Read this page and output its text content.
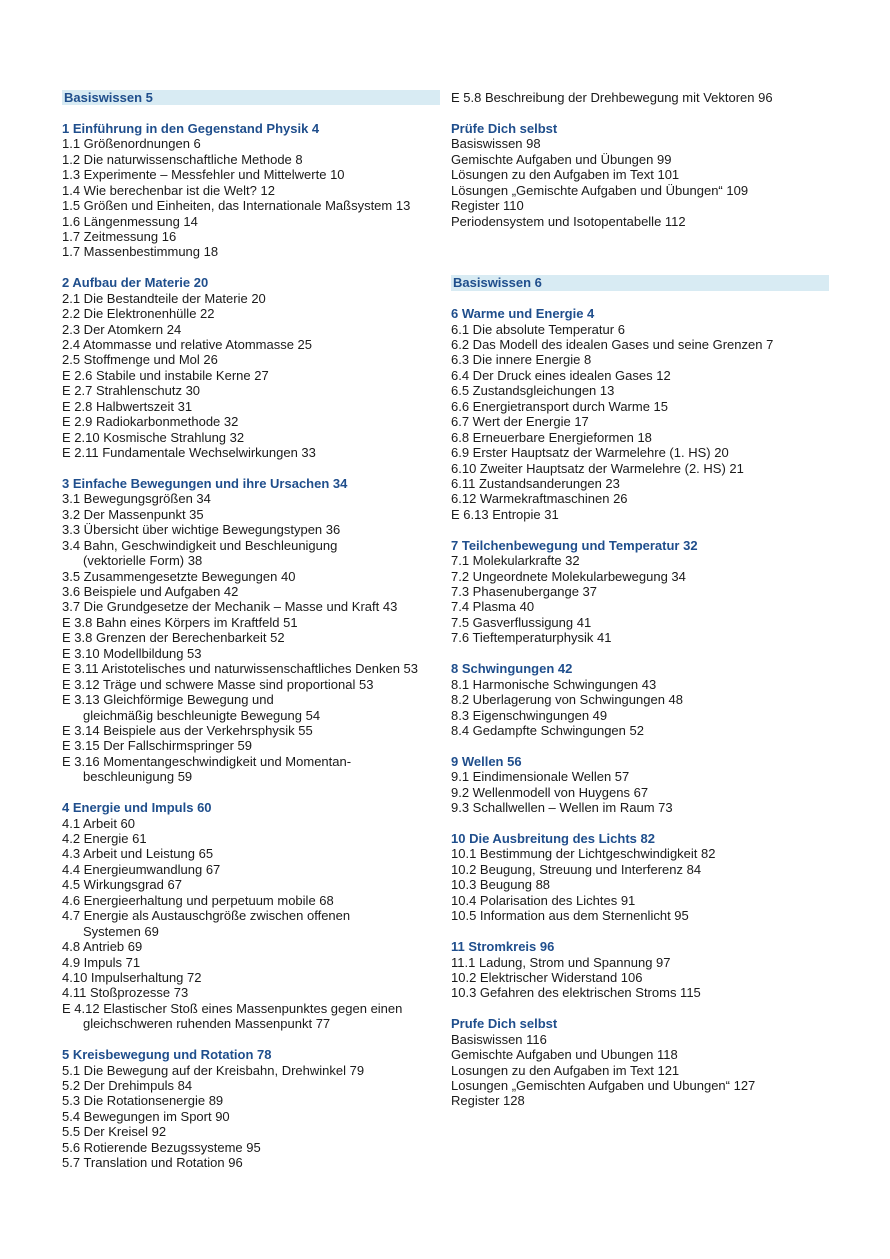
Basiswissen 5
1 Einführung in den Gegenstand Physik 4
1.1 Größenordnungen 6
1.2 Die naturwissenschaftliche Methode 8
1.3 Experimente – Messfehler und Mittelwerte 10
1.4 Wie berechenbar ist die Welt? 12
1.5 Größen und Einheiten, das Internationale Maßsystem 13
1.6 Längenmessung 14
1.7 Zeitmessung 16
1.7 Massenbestimmung 18
2 Aufbau der Materie 20
2.1 Die Bestandteile der Materie 20
2.2 Die Elektronenhülle 22
2.3 Der Atomkern 24
2.4 Atommasse und relative Atommasse 25
2.5 Stoffmenge und Mol 26
E 2.6 Stabile und instabile Kerne 27
E 2.7 Strahlenschutz 30
E 2.8 Halbwertszeit 31
E 2.9 Radiokarbonmethode 32
E 2.10 Kosmische Strahlung 32
E 2.11 Fundamentale Wechselwirkungen 33
3 Einfache Bewegungen und ihre Ursachen 34
3.1 Bewegungsgrößen 34
3.2 Der Massenpunkt 35
3.3 Übersicht über wichtige Bewegungstypen 36
3.4 Bahn, Geschwindigkeit und Beschleunigung
(vektorielle Form) 38
3.5 Zusammengesetzte Bewegungen 40
3.6 Beispiele und Aufgaben 42
3.7 Die Grundgesetze der Mechanik – Masse und Kraft 43
E 3.8 Bahn eines Körpers im Kraftfeld 51
E 3.8 Grenzen der Berechenbarkeit 52
E 3.10 Modellbildung 53
E 3.11 Aristotelisches und naturwissenschaftliches Denken 53
E 3.12 Träge und schwere Masse sind proportional 53
E 3.13 Gleichförmige Bewegung und
gleichmäßig beschleunigte Bewegung 54
E 3.14 Beispiele aus der Verkehrsphysik 55
E 3.15 Der Fallschirmspringer 59
E 3.16 Momentangeschwindigkeit und Momentan-
beschleunigung 59
4 Energie und Impuls 60
4.1 Arbeit 60
4.2 Energie 61
4.3 Arbeit und Leistung 65
4.4 Energieumwandlung 67
4.5 Wirkungsgrad 67
4.6 Energieerhaltung und perpetuum mobile 68
4.7 Energie als Austauschgröße zwischen offenen
Systemen 69
4.8 Antrieb 69
4.9 Impuls 71
4.10 Impulserhaltung 72
4.11 Stoßprozesse 73
E 4.12 Elastischer Stoß eines Massenpunktes gegen einen
gleichschweren ruhenden Massenpunkt 77
5 Kreisbewegung und Rotation 78
5.1 Die Bewegung auf der Kreisbahn, Drehwinkel 79
5.2 Der Drehimpuls 84
5.3 Die Rotationsenergie 89
5.4 Bewegungen im Sport 90
5.5 Der Kreisel 92
5.6 Rotierende Bezugssysteme 95
5.7 Translation und Rotation 96
E 5.8 Beschreibung der Drehbewegung mit Vektoren 96
Prüfe Dich selbst
Basiswissen 98
Gemischte Aufgaben und Übungen 99
Lösungen zu den Aufgaben im Text 101
Lösungen „Gemischte Aufgaben und Übungen“ 109
Register 110
Periodensystem und Isotopentabelle 112
Basiswissen 6
6 Warme und Energie 4
6.1 Die absolute Temperatur 6
6.2 Das Modell des idealen Gases und seine Grenzen 7
6.3 Die innere Energie 8
6.4 Der Druck eines idealen Gases 12
6.5 Zustandsgleichungen 13
6.6 Energietransport durch Warme 15
6.7 Wert der Energie 17
6.8 Erneuerbare Energieformen 18
6.9 Erster Hauptsatz der Warmelehre (1. HS) 20
6.10 Zweiter Hauptsatz der Warmelehre (2. HS) 21
6.11 Zustandsanderungen 23
6.12 Warmekraftmaschinen 26
E 6.13 Entropie 31
7 Teilchenbewegung und Temperatur 32
7.1 Molekularkrafte 32
7.2 Ungeordnete Molekularbewegung 34
7.3 Phasenubergange 37
7.4 Plasma 40
7.5 Gasverflussigung 41
7.6 Tieftemperaturphysik 41
8 Schwingungen 42
8.1 Harmonische Schwingungen 43
8.2 Uberlagerung von Schwingungen 48
8.3 Eigenschwingungen 49
8.4 Gedampfte Schwingungen 52
9 Wellen 56
9.1 Eindimensionale Wellen 57
9.2 Wellenmodell von Huygens 67
9.3 Schallwellen – Wellen im Raum 73
10 Die Ausbreitung des Lichts 82
10.1 Bestimmung der Lichtgeschwindigkeit 82
10.2 Beugung, Streuung und Interferenz 84
10.3 Beugung 88
10.4 Polarisation des Lichtes 91
10.5 Information aus dem Sternenlicht 95
11 Stromkreis 96
11.1 Ladung, Strom und Spannung 97
10.2 Elektrischer Widerstand 106
10.3 Gefahren des elektrischen Stroms 115
Prufe Dich selbst
Basiswissen 116
Gemischte Aufgaben und Ubungen 118
Losungen zu den Aufgaben im Text 121
Losungen „Gemischten Aufgaben und Ubungen“ 127
Register 128
